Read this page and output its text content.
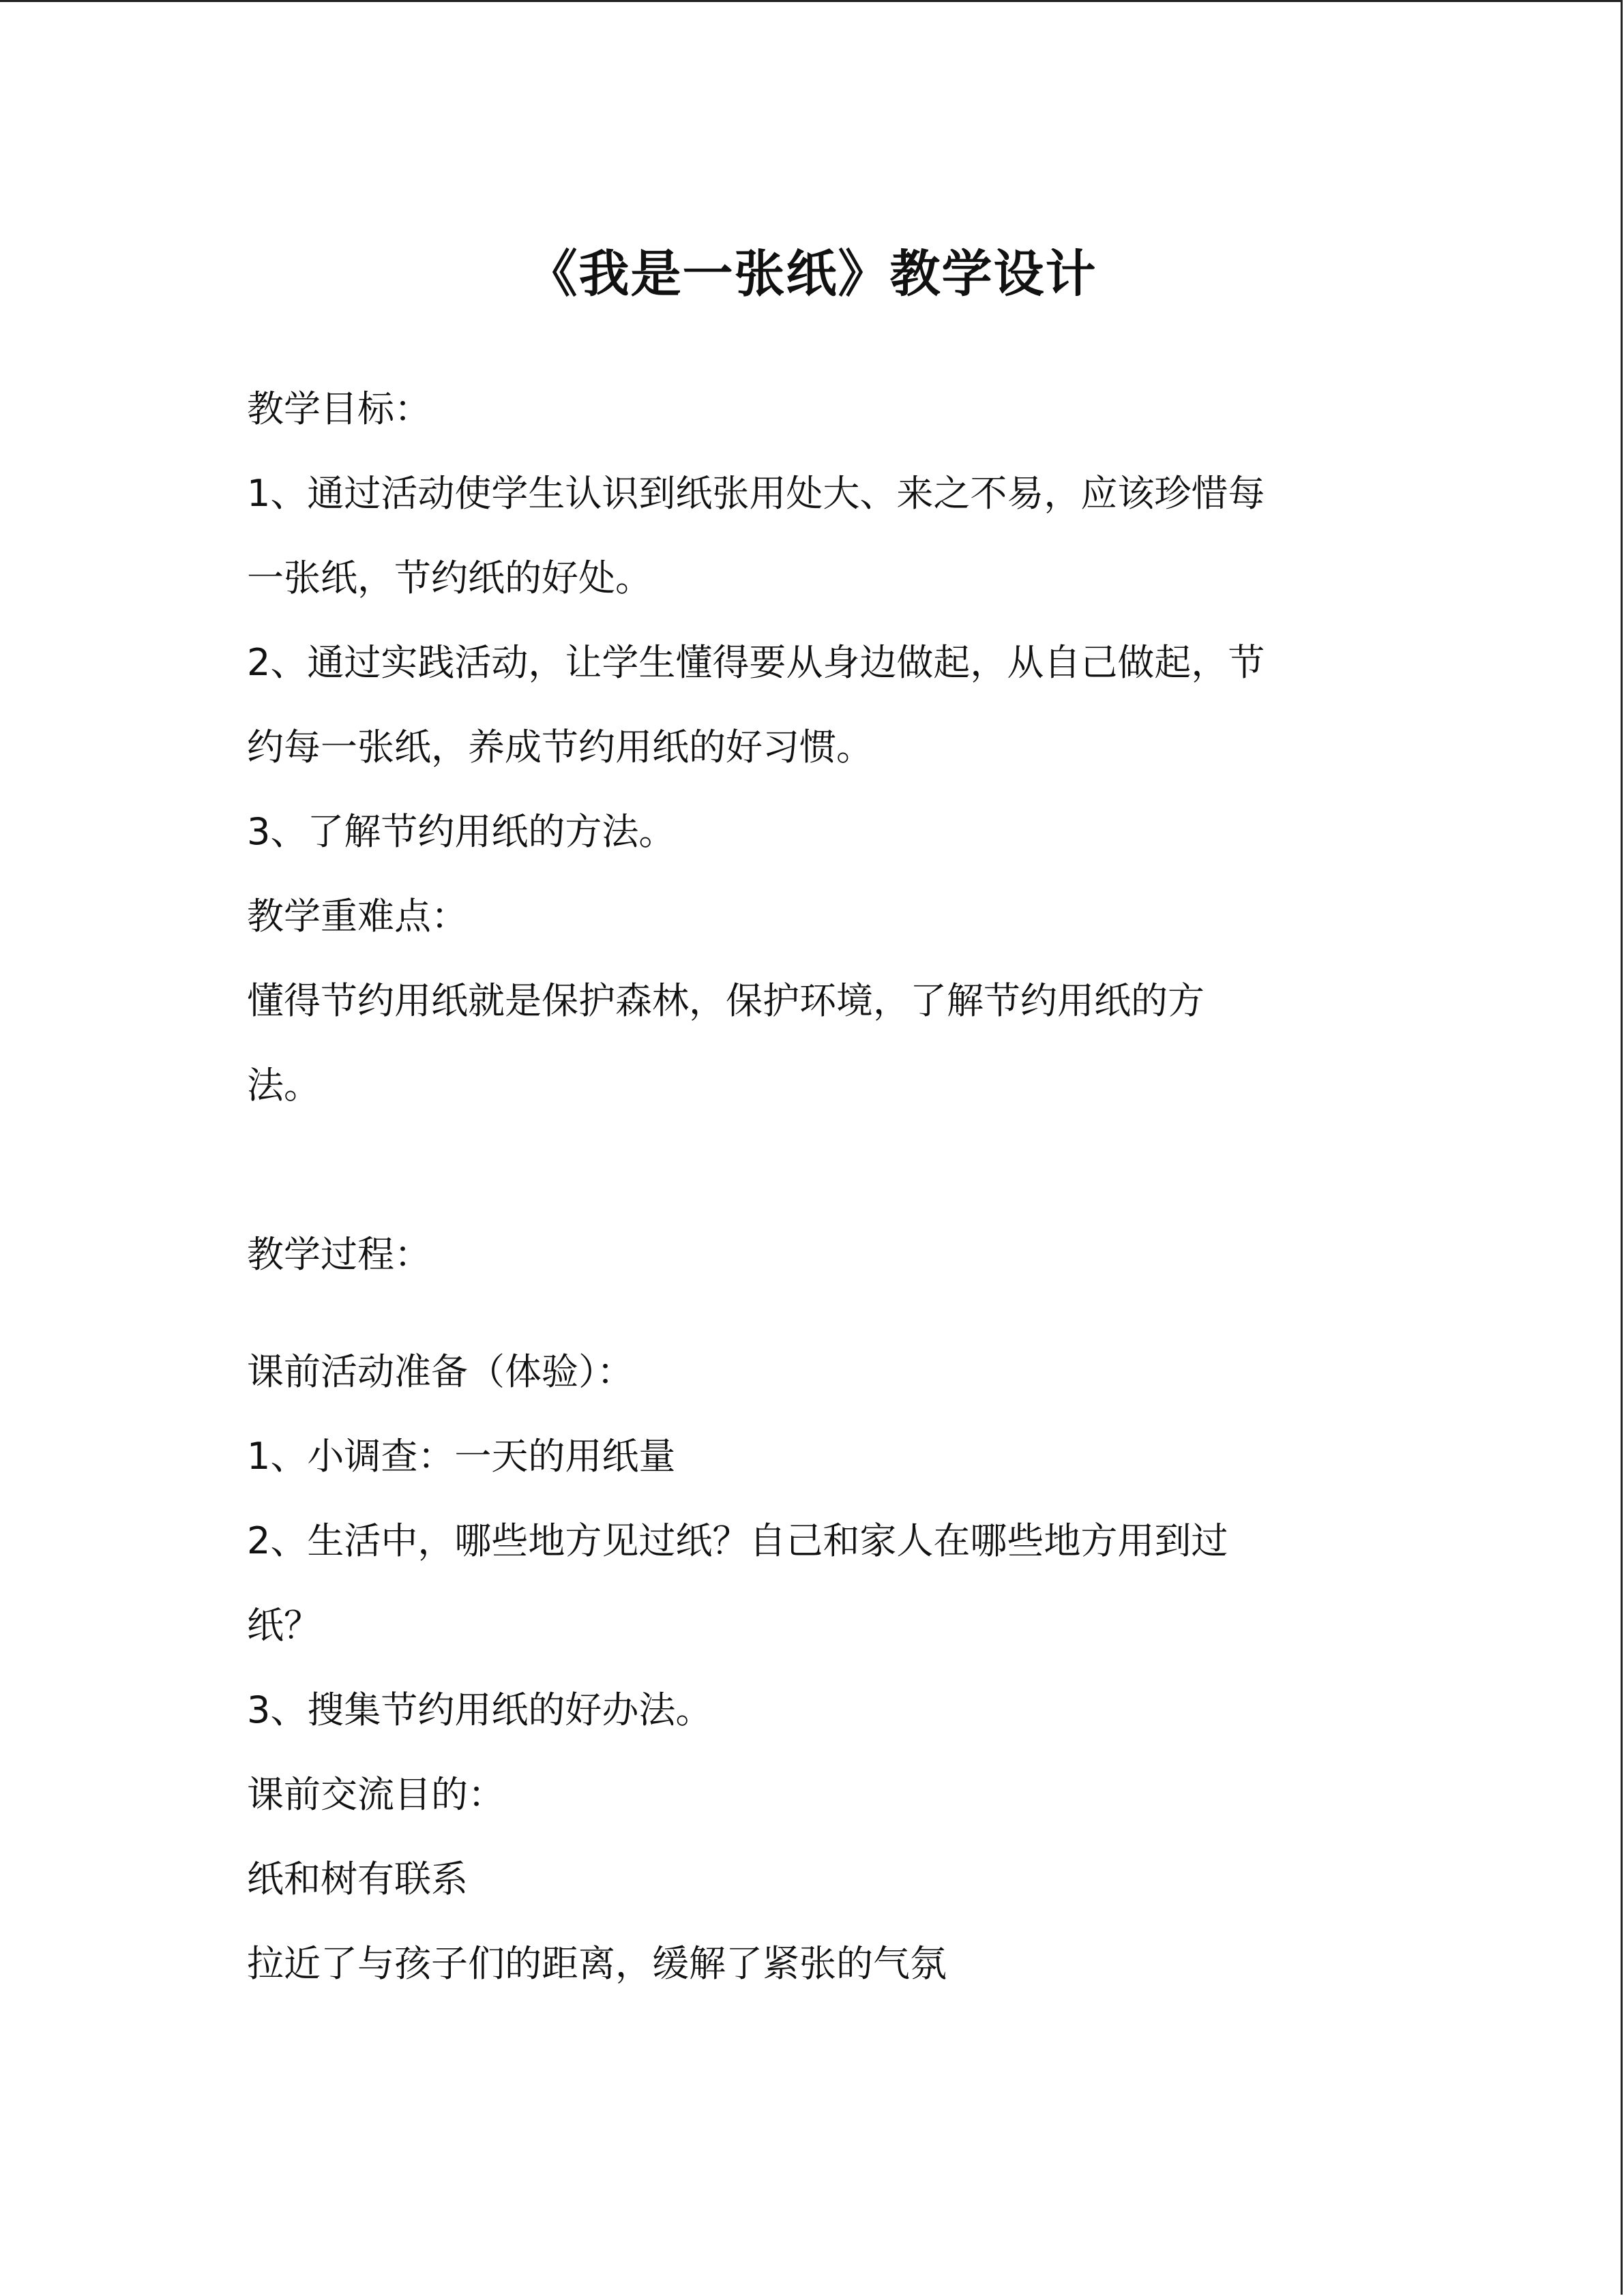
《我是一张纸》教学设计

教学目标：

1、通过活动使学生认识到纸张用处大、来之不易，应该珍惜每

一张纸，节约纸的好处。

2、通过实践活动，让学生懂得要从身边做起，从自己做起，节

约每一张纸，养成节约用纸的好习惯。

3、了解节约用纸的方法。

教学重难点：

懂得节约用纸就是保护森林，保护环境，了解节约用纸的方

法。

教学过程：

课前活动准备（体验）：

1、小调查：一天的用纸量

2、生活中，哪些地方见过纸？自己和家人在哪些地方用到过

纸？

3、搜集节约用纸的好办法。

课前交流目的：

纸和树有联系

拉近了与孩子们的距离，缓解了紧张的气氛
